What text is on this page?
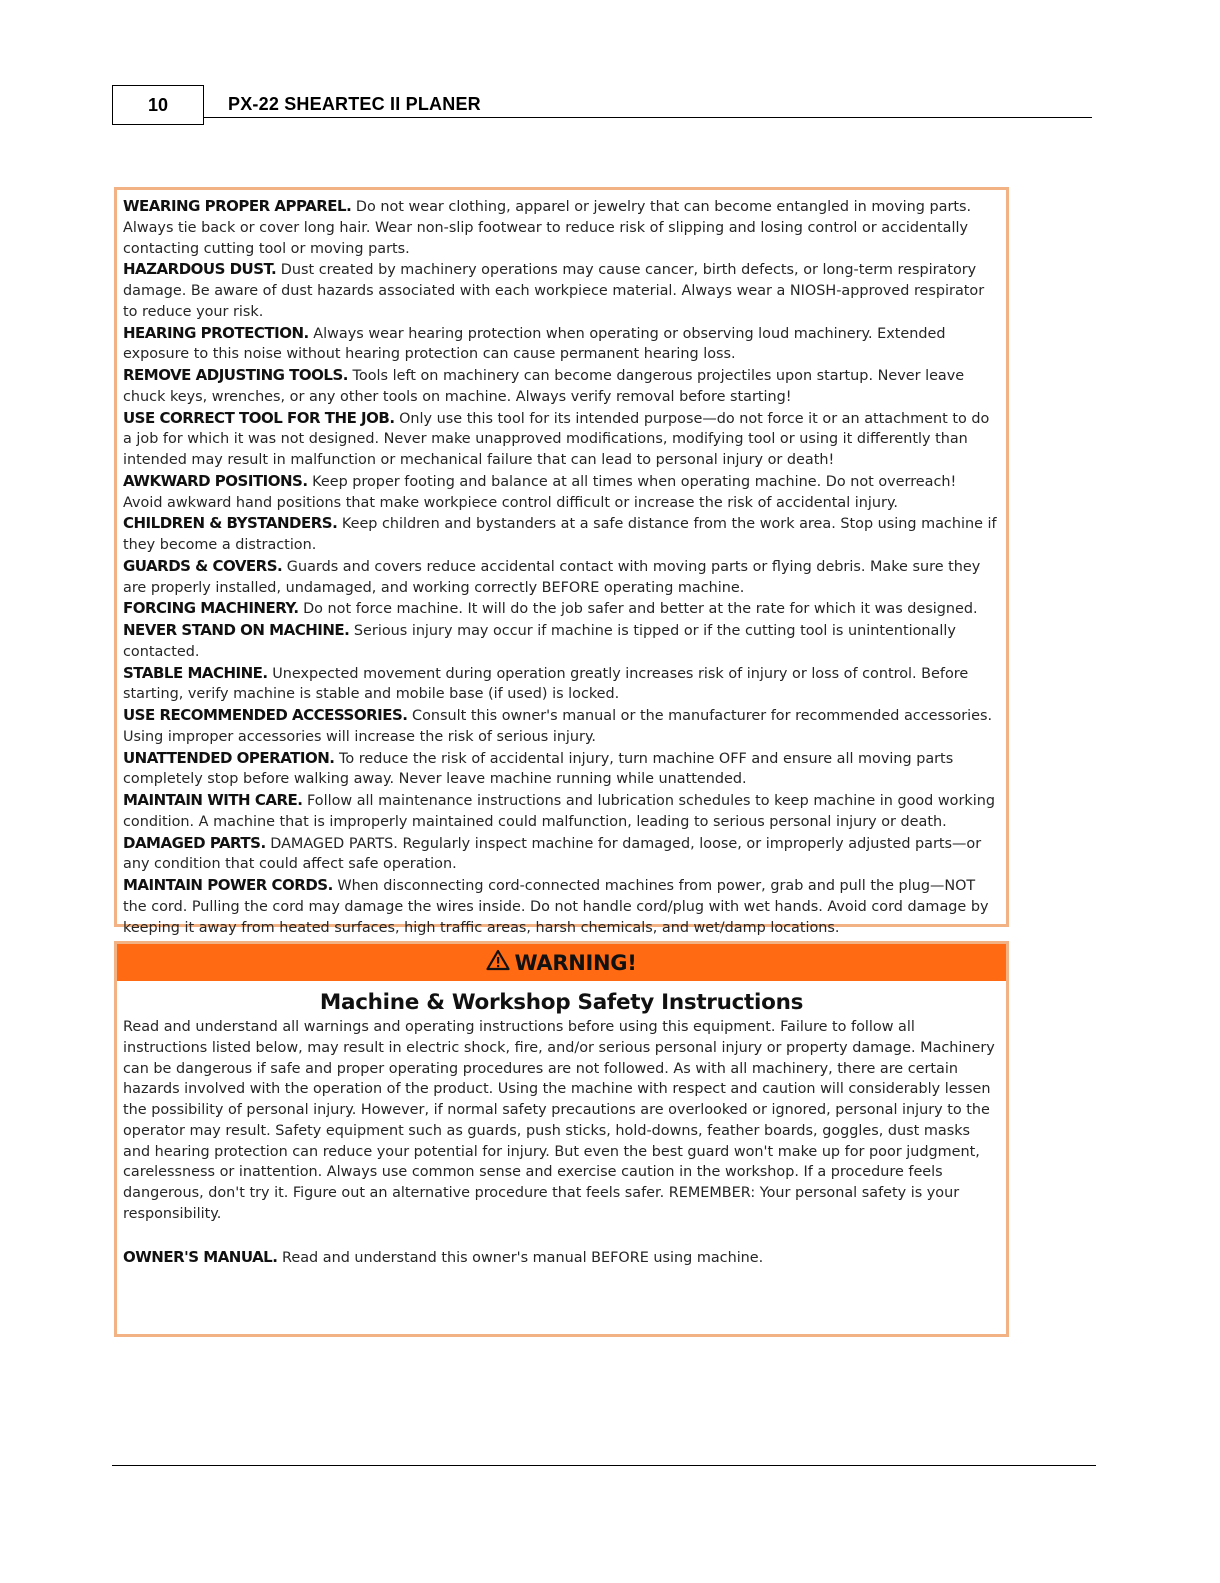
10	PX-22 SHEARTEC II PLANER

WEARING PROPER APPAREL. Do not wear clothing, apparel or jewelry that can become entangled in moving parts. Always tie back or cover long hair. Wear non-slip footwear to reduce risk of slipping and losing control or accidentally contacting cutting tool or moving parts.

HAZARDOUS DUST. Dust created by machinery operations may cause cancer, birth defects, or long-term respiratory damage. Be aware of dust hazards associated with each workpiece material. Always wear a NIOSH-approved respirator to reduce your risk.

HEARING PROTECTION. Always wear hearing protection when operating or observing loud machinery. Extended exposure to this noise without hearing protection can cause permanent hearing loss.

REMOVE ADJUSTING TOOLS. Tools left on machinery can become dangerous projectiles upon startup. Never leave chuck keys, wrenches, or any other tools on machine. Always verify removal before starting!

USE CORRECT TOOL FOR THE JOB. Only use this tool for its intended purpose—do not force it or an attachment to do a job for which it was not designed. Never make unapproved modifications, modifying tool or using it differently than intended may result in malfunction or mechanical failure that can lead to personal injury or death!

AWKWARD POSITIONS. Keep proper footing and balance at all times when operating machine. Do not overreach! Avoid awkward hand positions that make workpiece control difficult or increase the risk of accidental injury.

CHILDREN & BYSTANDERS. Keep children and bystanders at a safe distance from the work area. Stop using machine if they become a distraction.

GUARDS & COVERS. Guards and covers reduce accidental contact with moving parts or flying debris. Make sure they are properly installed, undamaged, and working correctly BEFORE operating machine.

FORCING MACHINERY. Do not force machine. It will do the job safer and better at the rate for which it was designed.

NEVER STAND ON MACHINE. Serious injury may occur if machine is tipped or if the cutting tool is unintentionally contacted.

STABLE MACHINE. Unexpected movement during operation greatly increases risk of injury or loss of control. Before starting, verify machine is stable and mobile base (if used) is locked.

USE RECOMMENDED ACCESSORIES. Consult this owner's manual or the manufacturer for recommended accessories. Using improper accessories will increase the risk of serious injury.

UNATTENDED OPERATION. To reduce the risk of accidental injury, turn machine OFF and ensure all moving parts completely stop before walking away. Never leave machine running while unattended.

MAINTAIN WITH CARE. Follow all maintenance instructions and lubrication schedules to keep machine in good working condition. A machine that is improperly maintained could malfunction, leading to serious personal injury or death.

DAMAGED PARTS. DAMAGED PARTS. Regularly inspect machine for damaged, loose, or improperly adjusted parts—or any condition that could affect safe operation.

MAINTAIN POWER CORDS. When disconnecting cord-connected machines from power, grab and pull the plug—NOT the cord. Pulling the cord may damage the wires inside. Do not handle cord/plug with wet hands. Avoid cord damage by keeping it away from heated surfaces, high traffic areas, harsh chemicals, and wet/damp locations.

WARNING!
Machine & Workshop Safety Instructions

Read and understand all warnings and operating instructions before using this equipment. Failure to follow all instructions listed below, may result in electric shock, fire, and/or serious personal injury or property damage. Machinery can be dangerous if safe and proper operating procedures are not followed. As with all machinery, there are certain hazards involved with the operation of the product. Using the machine with respect and caution will considerably lessen the possibility of personal injury. However, if normal safety precautions are overlooked or ignored, personal injury to the operator may result. Safety equipment such as guards, push sticks, hold-downs, feather boards, goggles, dust masks and hearing protection can reduce your potential for injury. But even the best guard won't make up for poor judgment, carelessness or inattention. Always use common sense and exercise caution in the workshop. If a procedure feels dangerous, don't try it. Figure out an alternative procedure that feels safer. REMEMBER: Your personal safety is your responsibility.

OWNER'S MANUAL. Read and understand this owner's manual BEFORE using machine.
